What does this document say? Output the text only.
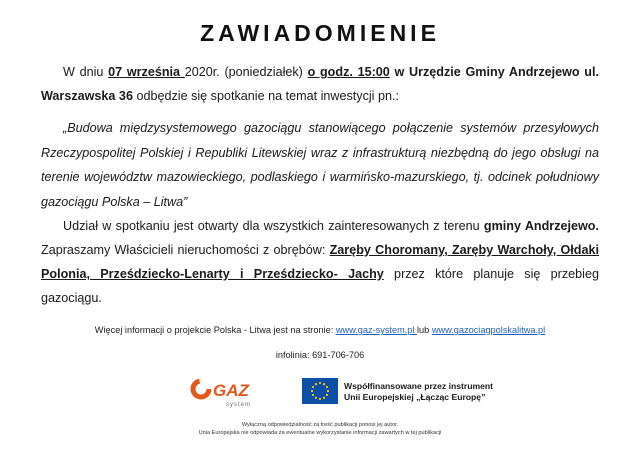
ZAWIADOMIENIE
W dniu 07 września 2020r. (poniedziałek) o godz. 15:00 w Urzędzie Gminy Andrzejewo ul. Warszawska 36 odbędzie się spotkanie na temat inwestycji pn.:
„Budowa międzysystemowego gazociągu stanowiącego połączenie systemów przesyłowych Rzeczypospolitej Polskiej i Republiki Litewskiej wraz z infrastrukturą niezbędną do jego obsługi na terenie województw mazowieckiego, podlaskiego i warmińsko-mazurskiego, tj. odcinek południowy gazociągu Polska – Litwa”
Udział w spotkaniu jest otwarty dla wszystkich zainteresowanych z terenu gminy Andrzejewo. Zapraszamy Właścicieli nieruchomości z obrębów: Zaręby Choromany, Zaręby Warchoły, Ołdaki Polonia, Prześdziecko-Lenarty i Prześdziecko- Jachy przez które planuje się przebieg gazociągu.
Więcej informacji o projekcie Polska - Litwa jest na stronie: www.gaz-system.pl lub www.gazociagpolskalitwa.pl
infolinia: 691-706-706
GAZ
system
Współfinansowane przez instrument
Unii Europejskiej „Łącząc Europę”
Wyłączną odpowiedzialność za treść publikacji ponosi jej autor.
Unia Europejska nie odpowiada za ewentualne wykorzystanie informacji zawartych w tej publikacji
